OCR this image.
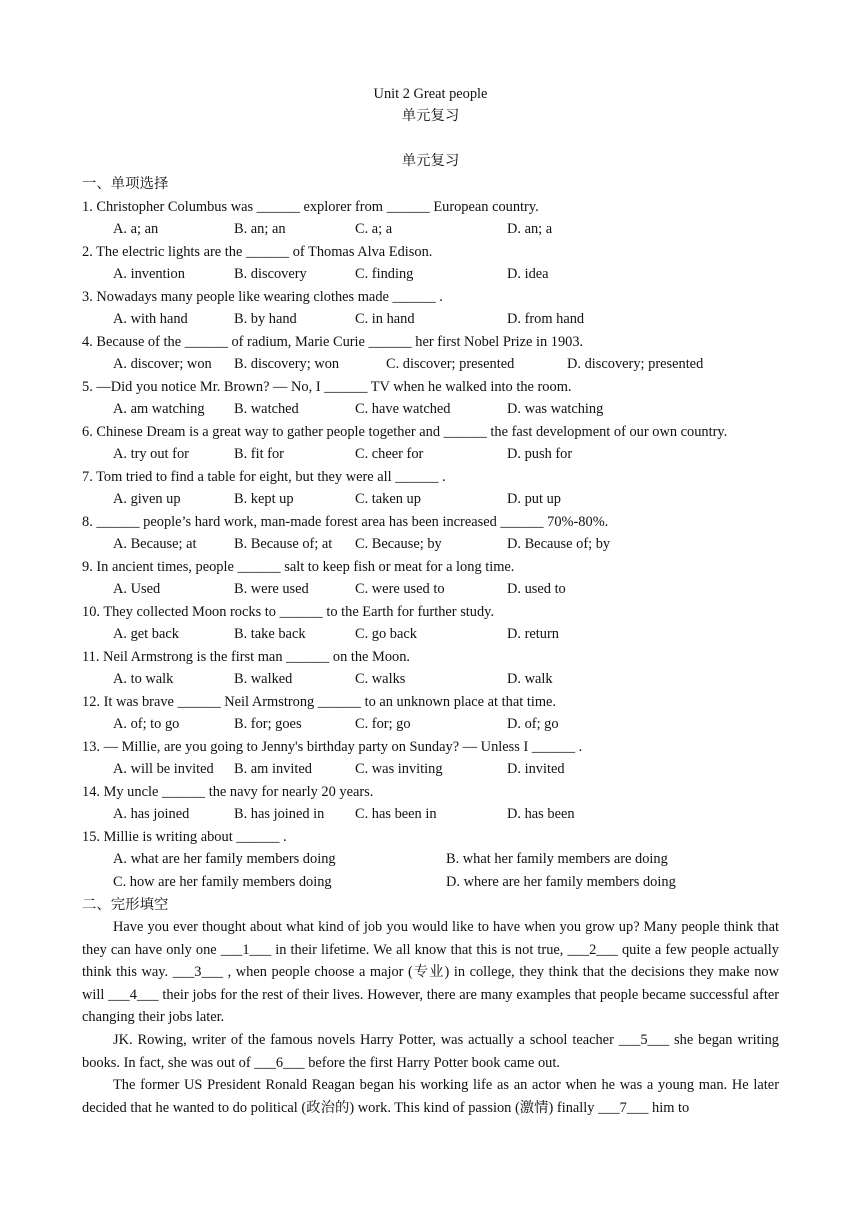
Unit 2 Great people
单元复习
单元复习
一、单项选择
1. Christopher Columbus was ______ explorer from ______ European country.
A. a; an	B. an; an	C. a; a	D. an; a
2. The electric lights are the ______ of Thomas Alva Edison.
A. invention	B. discovery	C. finding	D. idea
3. Nowadays many people like wearing clothes made ______ .
A. with hand	B. by hand	C. in hand	D. from hand
4. Because of the ______ of radium, Marie Curie ______ her first Nobel Prize in 1903.
A. discover; won B. discovery; won	C. discover; presented	D. discovery; presented
5. —Did you notice Mr. Brown? — No, I ______ TV when he walked into the room.
A. am watching B. watched	C. have watched	D. was watching
6. Chinese Dream is a great way to gather people together and ______ the fast development of our own country.
A. try out for	B. fit for	C. cheer for	D. push for
7. Tom tried to find a table for eight, but they were all ______ .
A. given up	B. kept up	C. taken up	D. put up
8. ______ people’s hard work, man-made forest area has been increased ______ 70%-80%.
A. Because; at	B. Because of; at C. Because; by	D. Because of; by
9. In ancient times, people ______ salt to keep fish or meat for a long time.
A. Used	B. were used	C. were used to	D. used to
10. They collected Moon rocks to ______ to the Earth for further study.
A. get back	B. take back	C. go back	D. return
11. Neil Armstrong is the first man ______ on the Moon.
A. to walk	B. walked	C. walks	D. walk
12. It was brave ______ Neil Armstrong ______ to an unknown place at that time.
A. of; to go	B. for; goes	C. for; go	D. of; go
13. — Millie, are you going to Jenny's birthday party on Sunday? — Unless I ______ .
A. will be invited B. am invited	C. was inviting	D. invited
14. My uncle ______ the navy for nearly 20 years.
A. has joined	B. has joined in C. has been in	D. has been
15. Millie is writing about ______ .
A. what are her family members doing	B. what her family members are doing
C. how are her family members doing	D. where are her family members doing
二、完形填空
Have you ever thought about what kind of job you would like to have when you grow up? Many people think that they can have only one ___1___ in their lifetime. We all know that this is not true, ___2___ quite a few people actually think this way. ___3___ , when people choose a major (专业) in college, they think that the decisions they make now will ___4___ their jobs for the rest of their lives. However, there are many examples that people became successful after changing their jobs later.
JK. Rowing, writer of the famous novels Harry Potter, was actually a school teacher ___5___ she began writing books. In fact, she was out of ___6___ before the first Harry Potter book came out.
The former US President Ronald Reagan began his working life as an actor when he was a young man. He later decided that he wanted to do political (政治的) work. This kind of passion (激情) finally ___7___ him to
